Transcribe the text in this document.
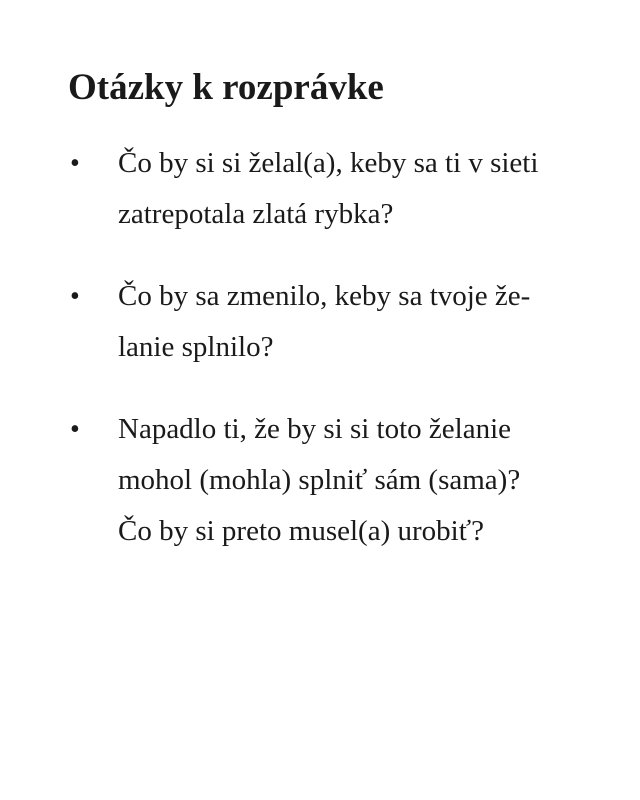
Otázky k rozprávke
• Čo by si si želal(a), keby sa ti v sieti
zatrepotala zlatá rybka?
• Čo by sa zmenilo, keby sa tvoje že-
lanie splnilo?
• Napadlo ti, že by si si toto želanie
mohol (mohla) splniť sám (sama)?
Čo by si preto musel(a) urobiť?
